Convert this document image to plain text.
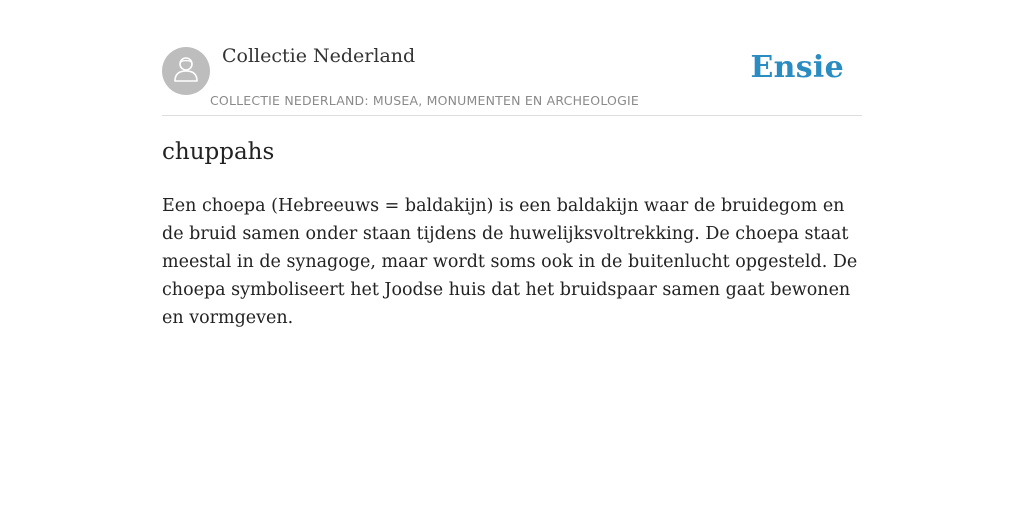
Collectie Nederland
COLLECTIE NEDERLAND: MUSEA, MONUMENTEN EN ARCHEOLOGIE
Ensie
chuppahs

Een choepa (Hebreeuws = baldakijn) is een baldakijn waar de bruidegom en de bruid samen onder staan tijdens de huwelijksvoltrekking. De choepa staat meestal in de synagoge, maar wordt soms ook in de buitenlucht opgesteld. De choepa symboliseert het Joodse huis dat het bruidspaar samen gaat bewonen en vormgeven.
